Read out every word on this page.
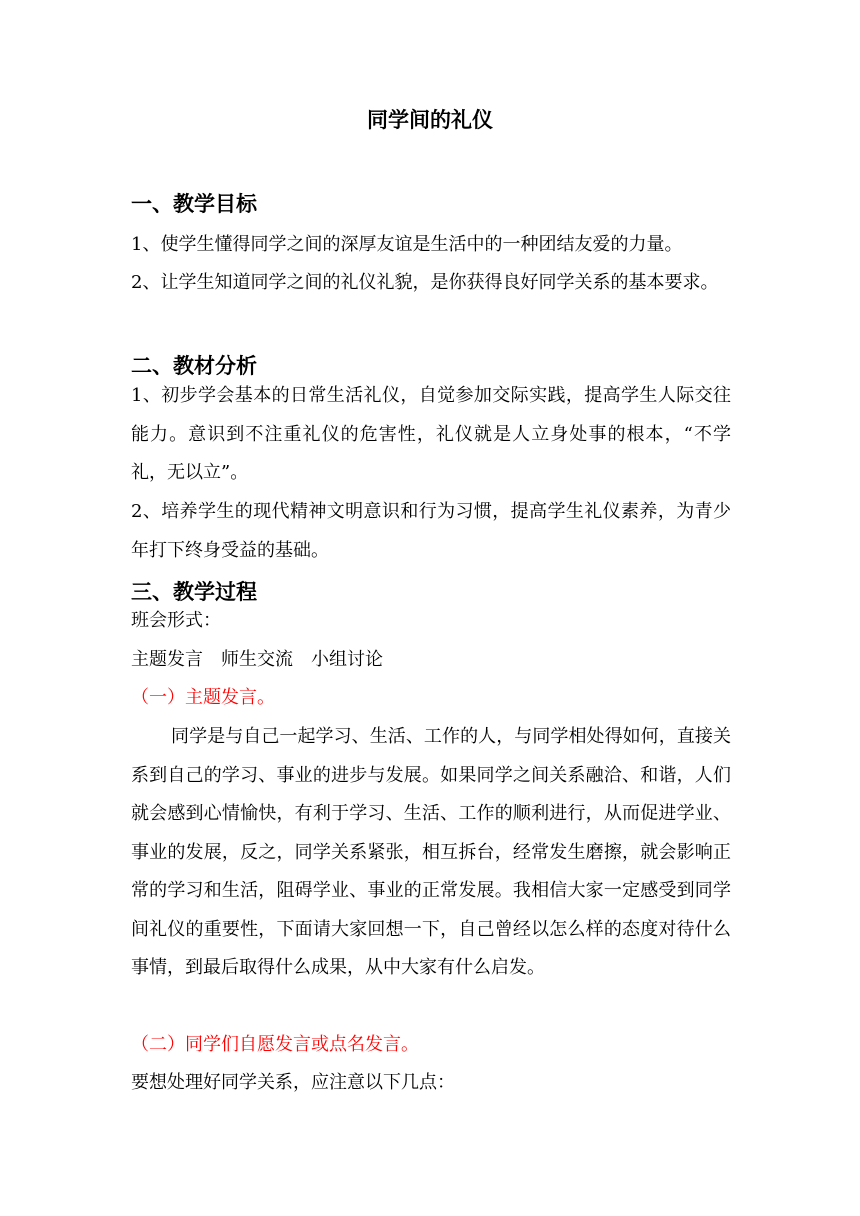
同学间的礼仪
一、教学目标
1、使学生懂得同学之间的深厚友谊是生活中的一种团结友爱的力量。
2、让学生知道同学之间的礼仪礼貌，是你获得良好同学关系的基本要求。
二、教材分析
1、初步学会基本的日常生活礼仪，自觉参加交际实践，提高学生人际交往能力。意识到不注重礼仪的危害性，礼仪就是人立身处事的根本，“不学礼，无以立”。
2、培养学生的现代精神文明意识和行为习惯，提高学生礼仪素养，为青少年打下终身受益的基础。
三、教学过程
班会形式：
主题发言　师生交流　小组讨论
（一）主题发言。
同学是与自己一起学习、生活、工作的人，与同学相处得如何，直接关系到自己的学习、事业的进步与发展。如果同学之间关系融洽、和谐，人们就会感到心情愉快，有利于学习、生活、工作的顺利进行，从而促进学业、事业的发展，反之，同学关系紧张，相互拆台，经常发生磨擦，就会影响正常的学习和生活，阻碍学业、事业的正常发展。我相信大家一定感受到同学间礼仪的重要性，下面请大家回想一下，自己曾经以怎么样的态度对待什么事情，到最后取得什么成果，从中大家有什么启发。
（二）同学们自愿发言或点名发言。
要想处理好同学关系，应注意以下几点：
